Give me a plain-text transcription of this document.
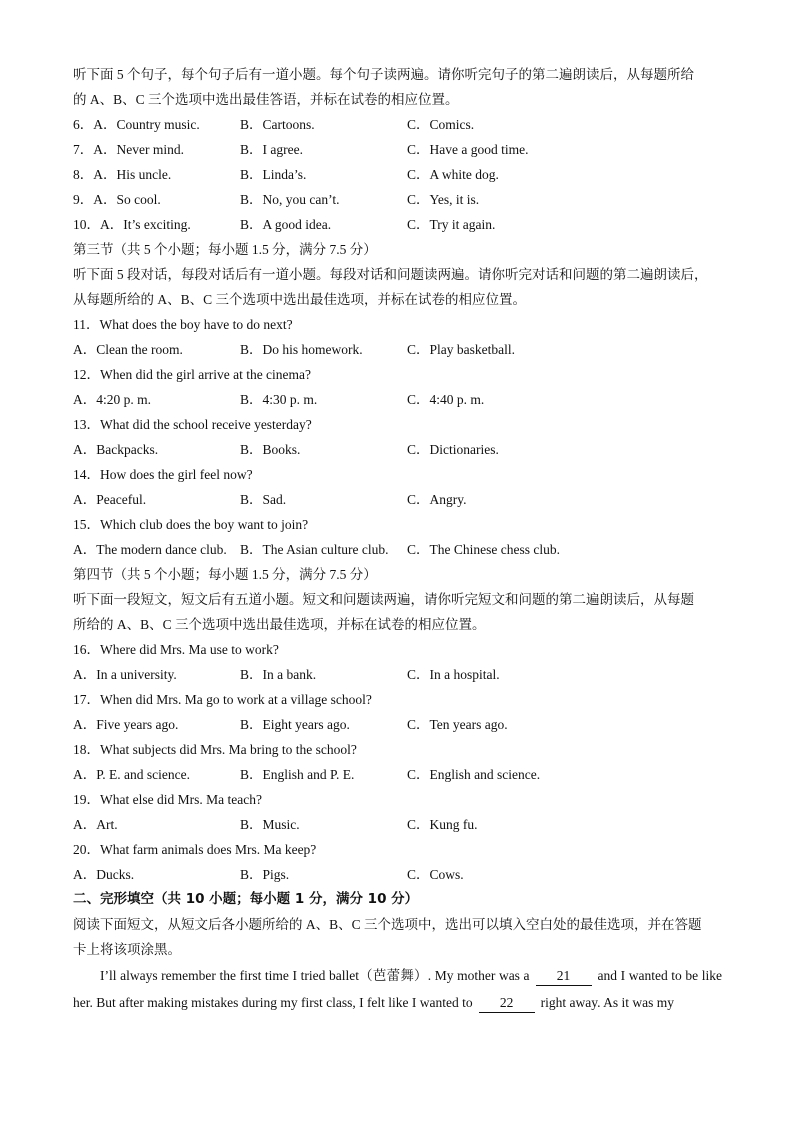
听下面 5 个句子，每个句子后有一道小题。每个句子读两遍。请你听完句子的第二遍朗读后，从每题所给
的 A、B、C 三个选项中选出最佳答语，并标在试卷的相应位置。
6．A．Country music.	B．Cartoons.	C．Comics.
7．A．Never mind.	B．I agree.	C．Have a good time.
8．A．His uncle.	B．Linda’s.	C．A white dog.
9．A．So cool.	B．No, you can’t.	C．Yes, it is.
10．A．It’s exciting.	B．A good idea.	C．Try it again.
第三节（共 5 个小题；每小题 1.5 分，满分 7.5 分）
听下面 5 段对话，每段对话后有一道小题。每段对话和问题读两遍。请你听完对话和问题的第二遍朗读后，
从每题所给的 A、B、C 三个选项中选出最佳选项，并标在试卷的相应位置。
11．What does the boy have to do next?
A．Clean the room.	B．Do his homework.	C．Play basketball.
12．When did the girl arrive at the cinema?
A．4:20 p. m.	B．4:30 p. m.	C．4:40 p. m.
13．What did the school receive yesterday?
A．Backpacks.	B．Books.	C．Dictionaries.
14．How does the girl feel now?
A．Peaceful.	B．Sad.	C．Angry.
15．Which club does the boy want to join?
A．The modern dance club. B．The Asian culture club. C．The Chinese chess club.
第四节（共 5 个小题；每小题 1.5 分，满分 7.5 分）
听下面一段短文，短文后有五道小题。短文和问题读两遍，请你听完短文和问题的第二遍朗读后，从每题
所给的 A、B、C 三个选项中选出最佳选项，并标在试卷的相应位置。
16．Where did Mrs. Ma use to work?
A．In a university.	B．In a bank.	C．In a hospital.
17．When did Mrs. Ma go to work at a village school?
A．Five years ago.	B．Eight years ago.	C．Ten years ago.
18．What subjects did Mrs. Ma bring to the school?
A．P. E. and science.	B．English and P. E.	C．English and science.
19．What else did Mrs. Ma teach?
A．Art.	B．Music.	C．Kung fu.
20．What farm animals does Mrs. Ma keep?
A．Ducks.	B．Pigs.	C．Cows.
二、完形填空（共 10 小题；每小题 1 分，满分 10 分）
阅读下面短文，从短文后各小题所给的 A、B、C 三个选项中，选出可以填入空白处的最佳选项，并在答题
卡上将该项涂黑。
I’ll always remember the first time I tried ballet（芭蕾舞）. My mother was a 21 and I wanted to be like her. But after making mistakes during my first class, I felt like I wanted to 22 right away. As it was my
